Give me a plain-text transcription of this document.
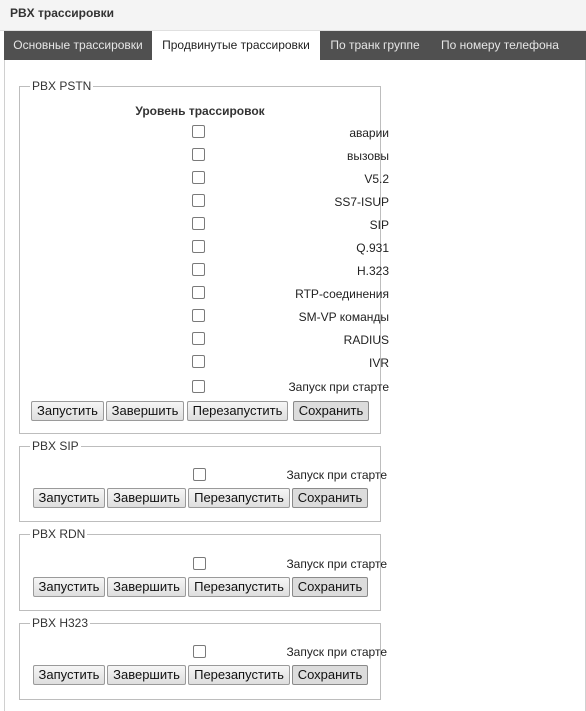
PBX трассировки
Основные трассировки	Продвинутые трассировки	По транк группе	По номеру телефона
PBX PSTN
Уровень трассировок
аварии
вызовы
V5.2
SS7-ISUP
SIP
Q.931
H.323
RTP-соединения
SM-VP команды
RADIUS
IVR
Запуск при старте
Запустить	Завершить	Перезапустить	Сохранить
PBX SIP
Запуск при старте
Запустить	Завершить	Перезапустить	Сохранить
PBX RDN
Запуск при старте
Запустить	Завершить	Перезапустить	Сохранить
PBX H323
Запуск при старте
Запустить	Завершить	Перезапустить	Сохранить
